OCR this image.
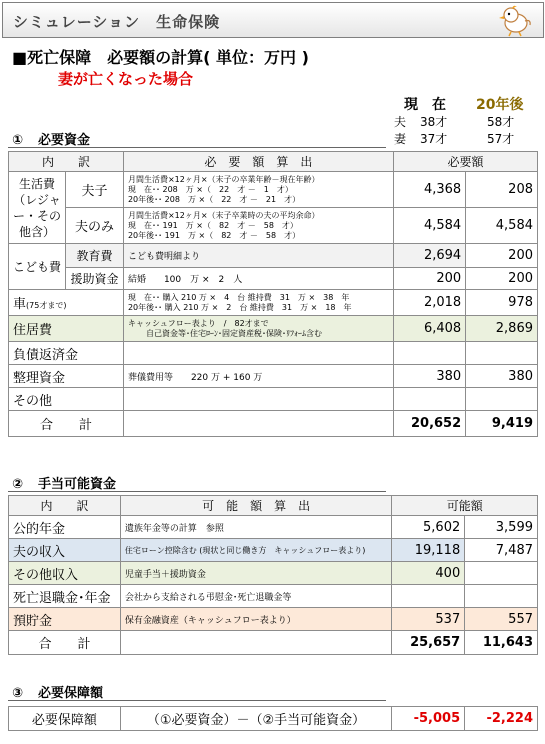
シミュレーション　生命保険
■死亡保障　必要額の計算( 単位：万円 )
妻が亡くなった場合
現　在 20年後
夫 38才	58才
妻 37才	57才
① 必要資金
内　　訳		必　要　額　算　出	必要額	
生活費（レジャー・その他含）	夫子	月間生活費×12ヶ月×（末子の卒業年齢－現在年齢）
現　在･･ 208　万 ×（　22　才 －　1　才）
20年後･･ 208　万 ×（　22　才 －　21　才）	4,368	208
	夫のみ	月間生活費×12ヶ月×（末子卒業時の夫の平均余命）
現　在･･ 191　万 ×（　82　才 －　58　才）
20年後･･ 191　万 ×（　82　才 －　58　才）	4,584	4,584
こども費	教育費	こども費明細より	2,694	200
	援助資金	結婚　　100　万 ×　2　人	200	200
車(75才まで)		現　在･･ 購入 210 万 ×　4　台 維持費　31　万 ×　38　年
20年後･･ 購入 210 万 ×　2　台 維持費　31　万 ×　18　年	2,018	978
住居費		キャッシュフロー表より　/　82才まで
自己資金等･住宅ﾛｰﾝ･固定資産税･保険･ﾘﾌｫｰﾑ含む	6,408	2,869
負債返済金				
整理資金		葬儀費用等　　220 万 + 160 万	380	380
その他				
合　　計			20,652	9,419
② 手当可能資金
内　　訳	可　能　額　算　出	可能額	
公的年金	遺族年金等の計算　参照	5,602	3,599
夫の収入	住宅ローン控除含む (現状と同じ働き方　キャッシュフロー表より)	19,118	7,487
その他収入	児童手当＋援助資金	400	
死亡退職金･年金	会社から支給される弔慰金･死亡退職金等		
預貯金	保有金融資産（キャッシュフロー表より）	537	557
合　　計		25,657	11,643
③ 必要保障額
必要保障額	（①必要資金）－（②手当可能資金）	-5,005	-2,224
